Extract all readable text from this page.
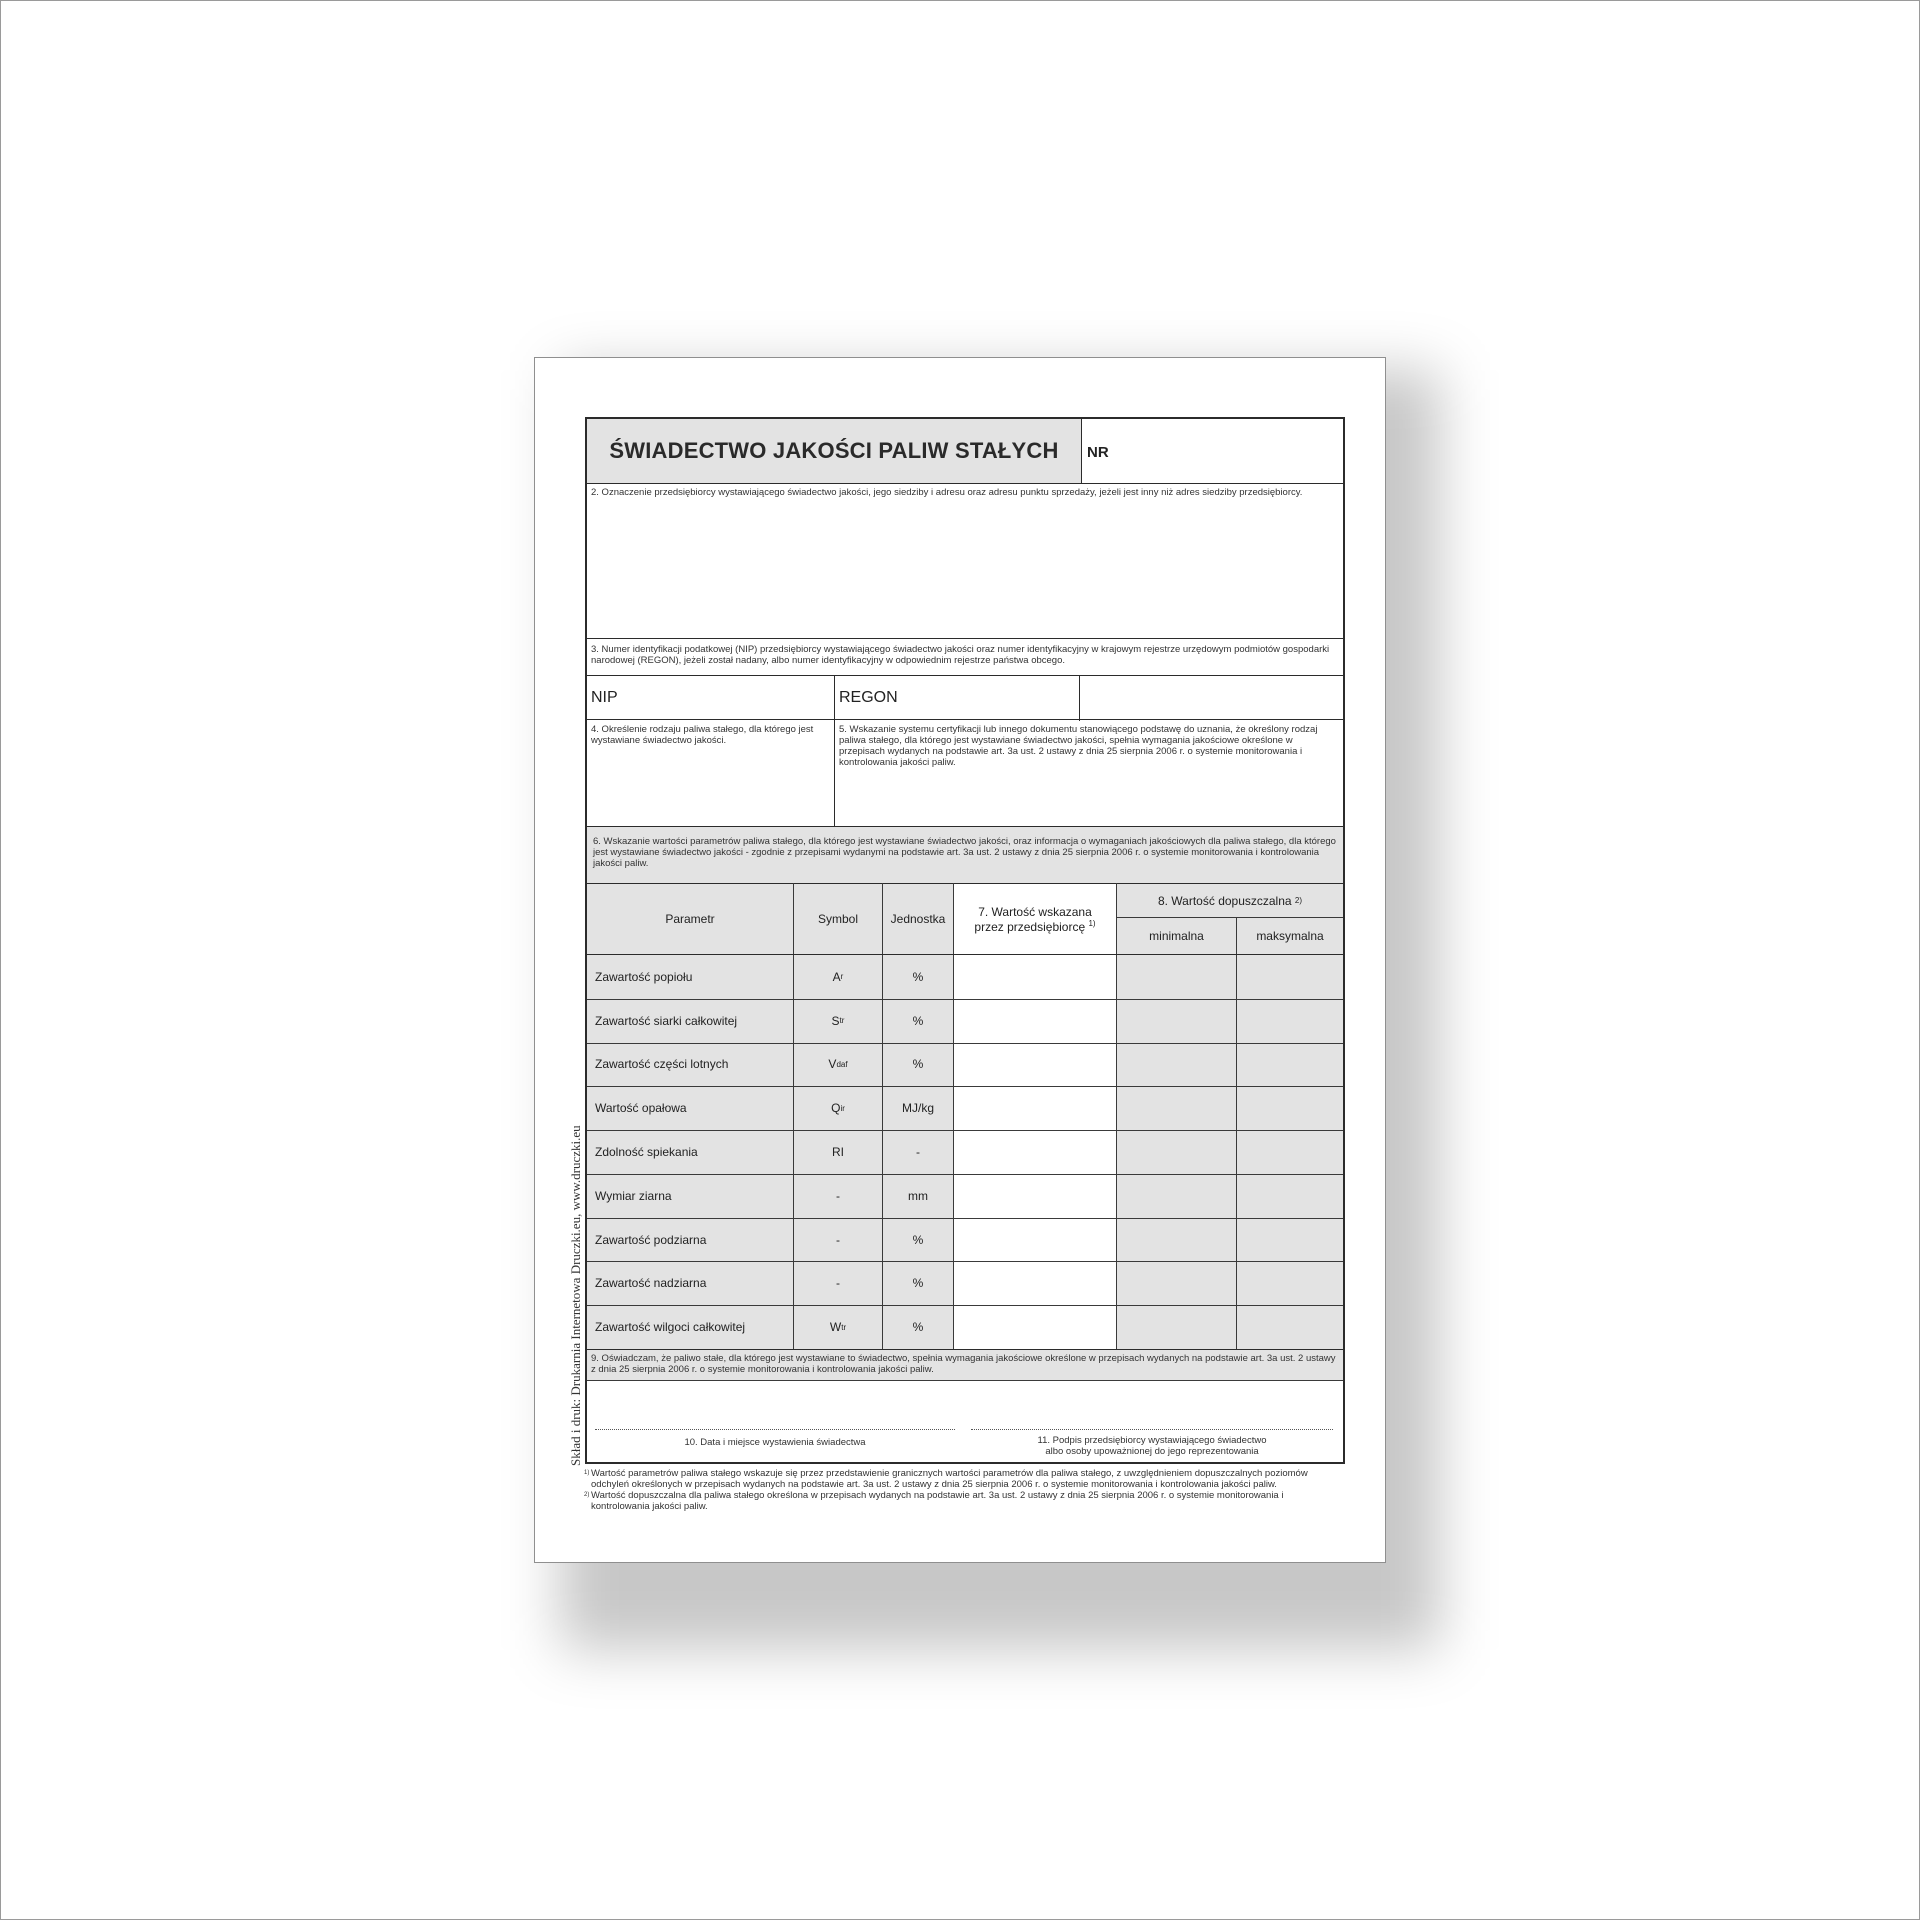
Skład i druk: Drukarnia Internetowa Druczki.eu, www.druczki.eu
ŚWIADECTWO JAKOŚCI PALIW STAŁYCH NR
2. Oznaczenie przedsiębiorcy wystawiającego świadectwo jakości, jego siedziby i adresu oraz adresu punktu sprzedaży, jeżeli jest inny niż adres siedziby przedsiębiorcy.
3. Numer identyfikacji podatkowej (NIP) przedsiębiorcy wystawiającego świadectwo jakości oraz numer identyfikacyjny w krajowym rejestrze urzędowym podmiotów gospodarki narodowej (REGON), jeżeli został nadany, albo numer identyfikacyjny w odpowiednim rejestrze państwa obcego.
NIP	REGON
4. Określenie rodzaju paliwa stałego, dla którego jest wystawiane świadectwo jakości.
5. Wskazanie systemu certyfikacji lub innego dokumentu stanowiącego podstawę do uznania, że określony rodzaj paliwa stałego, dla którego jest wystawiane świadectwo jakości, spełnia wymagania jakościowe określone w przepisach wydanych na podstawie art. 3a ust. 2 ustawy z dnia 25 sierpnia 2006 r. o systemie monitorowania i kontrolowania jakości paliw.
6. Wskazanie wartości parametrów paliwa stałego, dla którego jest wystawiane świadectwo jakości, oraz informacja o wymaganiach jakościowych dla paliwa stałego, dla którego jest wystawiane świadectwo jakości - zgodnie z przepisami wydanymi na podstawie art. 3a ust. 2 ustawy z dnia 25 sierpnia 2006 r. o systemie monitorowania i kontrolowania jakości paliw.
Parametr	Symbol	Jednostka
7. Wartość wskazana
przez przedsiębiorcę $^{1)}$
8. Wartość dopuszczalna
2)
minimalna	maksymalna
Zawartość popiołu	A r	%
Zawartość siarki całkowitej	S t r	%
Zawartość części lotnych	V daf	%
Wartość opałowa	Q i r	MJ/kg
Zdolność spiekania	RI	-
Wymiar ziarna	-	mm
Zawartość podziarna	-	%
Zawartość nadziarna	-	%
Zawartość wilgoci całkowitej	W t r	%
9. Oświadczam, że paliwo stałe, dla którego jest wystawiane to świadectwo, spełnia wymagania jakościowe określone w przepisach wydanych na podstawie art. 3a ust. 2 ustawy z dnia 25 sierpnia 2006 r. o systemie monitorowania i kontrolowania jakości paliw.
10. Data i miejsce wystawienia świadectwa	11. Podpis przedsiębiorcy wystawiającego świadectwo
albo osoby upoważnionej do jego reprezentowania
1) Wartość parametrów paliwa stałego wskazuje się przez przedstawienie granicznych wartości parametrów dla paliwa stałego, z uwzględnieniem dopuszczalnych poziomów odchyleń określonych w przepisach wydanych na podstawie art. 3a ust. 2 ustawy z dnia 25 sierpnia 2006 r. o systemie monitorowania i kontrolowania jakości paliw.
2) Wartość dopuszczalna dla paliwa stałego określona w przepisach wydanych na podstawie art. 3a ust. 2 ustawy z dnia 25 sierpnia 2006 r. o systemie monitorowania i kontrolowania jakości paliw.
